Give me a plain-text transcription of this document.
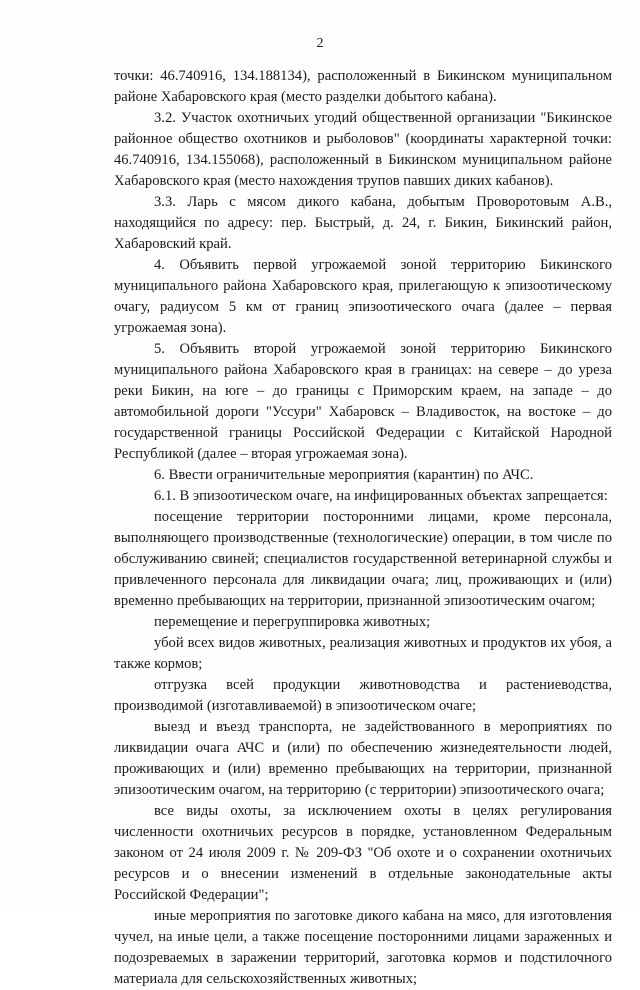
2

точки: 46.740916, 134.188134), расположенный в Бикинском муниципальном районе Хабаровского края (место разделки добытого кабана).

3.2. Участок охотничьих угодий общественной организации "Бикинское районное общество охотников и рыболовов" (координаты характерной точки: 46.740916, 134.155068), расположенный в Бикинском муниципальном районе Хабаровского края (место нахождения трупов павших диких кабанов).

3.3. Ларь с мясом дикого кабана, добытым Проворотовым А.В., находящийся по адресу: пер. Быстрый, д. 24, г. Бикин, Бикинский район, Хабаровский край.

4. Объявить первой угрожаемой зоной территорию Бикинского муниципального района Хабаровского края, прилегающую к эпизоотическому очагу, радиусом 5 км от границ эпизоотического очага (далее – первая угрожаемая зона).

5. Объявить второй угрожаемой зоной территорию Бикинского муниципального района Хабаровского края в границах: на севере – до уреза реки Бикин, на юге – до границы с Приморским краем, на западе – до автомобильной дороги "Уссури" Хабаровск – Владивосток, на востоке – до государственной границы Российской Федерации с Китайской Народной Республикой (далее – вторая угрожаемая зона).

6. Ввести ограничительные мероприятия (карантин) по АЧС.

6.1. В эпизоотическом очаге, на инфицированных объектах запрещается:

посещение территории посторонними лицами, кроме персонала, выполняющего производственные (технологические) операции, в том числе по обслуживанию свиней; специалистов государственной ветеринарной службы и привлеченного персонала для ликвидации очага; лиц, проживающих и (или) временно пребывающих на территории, признанной эпизоотическим очагом;

перемещение и перегруппировка животных;

убой всех видов животных, реализация животных и продуктов их убоя, а также кормов;

отгрузка всей продукции животноводства и растениеводства, производимой (изготавливаемой) в эпизоотическом очаге;

выезд и въезд транспорта, не задействованного в мероприятиях по ликвидации очага АЧС и (или) по обеспечению жизнедеятельности людей, проживающих и (или) временно пребывающих на территории, признанной эпизоотическим очагом, на территорию (с территории) эпизоотического очага;

все виды охоты, за исключением охоты в целях регулирования численности охотничьих ресурсов в порядке, установленном Федеральным законом от 24 июля 2009 г. № 209-ФЗ "Об охоте и о сохранении охотничьих ресурсов и о внесении изменений в отдельные законодательные акты Российской Федерации";

иные мероприятия по заготовке дикого кабана на мясо, для изготовления чучел, на иные цели, а также посещение посторонними лицами зараженных и подозреваемых в заражении территорий, заготовка кормов и подстилочного материала для сельскохозяйственных животных;
